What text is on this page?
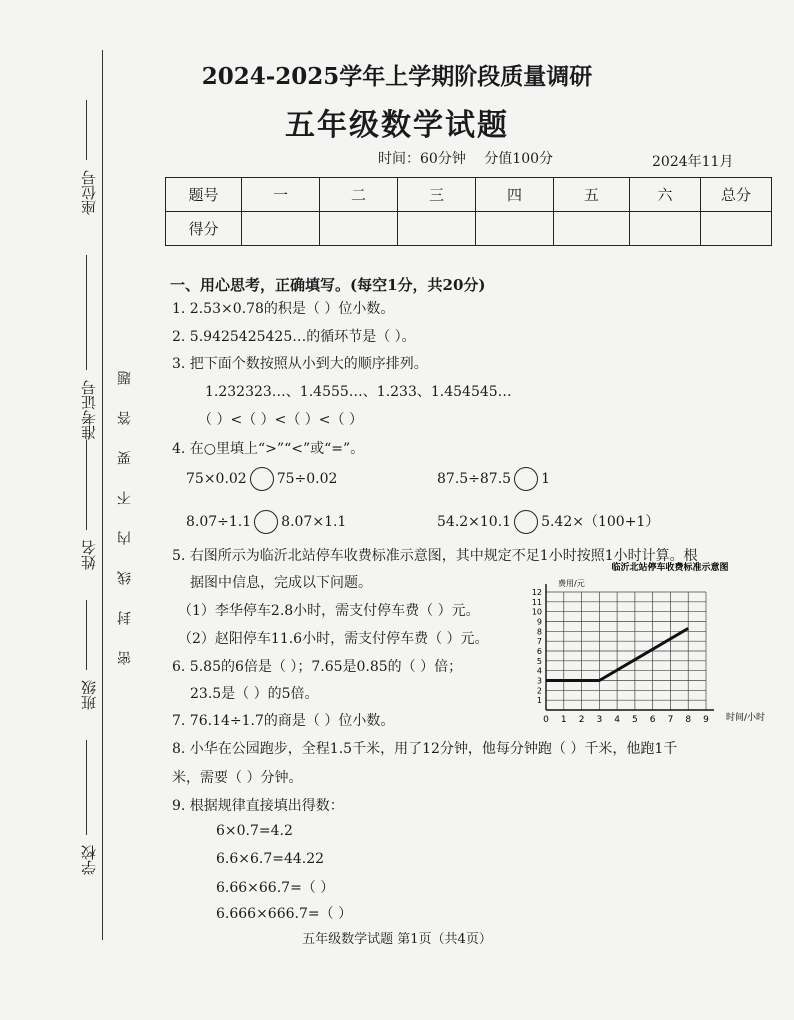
座位号
准考证号
姓名
班级
学校
密封线内不要答题
2024-2025学年上学期阶段质量调研
五年级数学试题
时间：60分钟 分值100分	2024年11月
题号	一	二	三	四	五	六	总分
得分							
一、用心思考，正确填写。(每空1分，共20分)
1. 2.53×0.78的积是（ ）位小数。
2. 5.9425425425…的循环节是（ ）。
3. 把下面个数按照从小到大的顺序排列。
1.232323…、1.4555…、1.233、1.454545…
（ ）<（ ）<（ ）<（ ）
4. 在○里填上“>”“<”或“=”。
75×0.02 75÷0.02	87.5÷87.5 1
8.07÷1.1 8.07×1.1	54.2×10.1 5.42×（100+1）
5. 右图所示为临沂北站停车收费标准示意图，其中规定不足1小时按照1小时计算。根
据图中信息，完成以下问题。
（1）李华停车2.8小时，需支付停车费（ ）元。
（2）赵阳停车11.6小时，需支付停车费（ ）元。
6. 5.85的6倍是（ ）；7.65是0.85的（ ）倍；
23.5是（ ）的5倍。
7. 76.14÷1.7的商是（ ）位小数。
8. 小华在公园跑步，全程1.5千米，用了12分钟，他每分钟跑（ ）千米，他跑1千
米，需要（ ）分钟。
9. 根据规律直接填出得数：
6×0.7=4.2
6.6×6.7=44.22
6.66×66.7=（ ）
6.666×666.7=（ ）
临沂北站停车收费标准示意图
费用/元
时间/小时
0 1 2 3 4 5 6 7 8 9
1
2
3
4
5
6
7
8
9
10
11
12
五年级数学试题 第1页（共4页）
